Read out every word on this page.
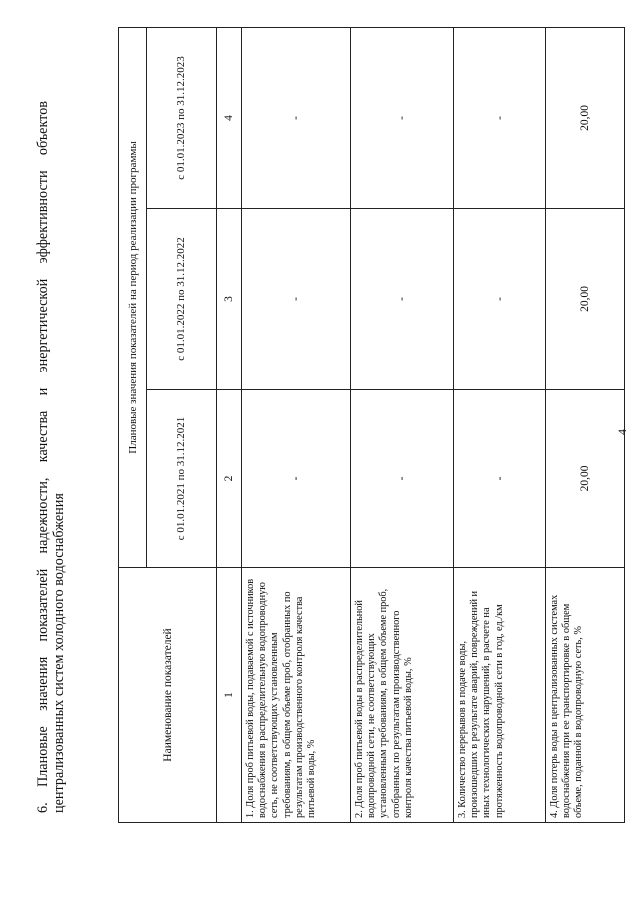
4
6. Плановые значения показателей надежности, качества и энергетической эффективности объектов централизованных систем холодного водоснабжения	Наименование показателей	Плановые значения показателей на период реализации программы		
	с 01.01.2021 по 31.12.2021	с 01.01.2022 по 31.12.2022	с 01.01.2023 по 31.12.2023
1	2	3	4
1. Доля проб питьевой воды, подаваемой с источников водоснабжения в распределительную водопроводную сеть, не соответствующих установленным требованиям, в общем объеме проб, отобранных по результатам производственного контроля качества питьевой воды, %	-	-	-
2. Доля проб питьевой воды в распределительной водопроводной сети, не соответствующих установленным требованиям, в общем объеме проб, отобранных по результатам производственного контроля качества питьевой воды, %	-	-	-
3. Количество перерывов в подаче воды, произошедших в результате аварий, повреждений и иных технологических нарушений, в расчете на протяженность водопроводной сети в год, ед./км	-	-	-
4. Доля потерь воды в централизованных системах водоснабжения при ее транспортировке в общем объеме, поданной в водопроводную сеть, %	20,00	20,00	20,00
